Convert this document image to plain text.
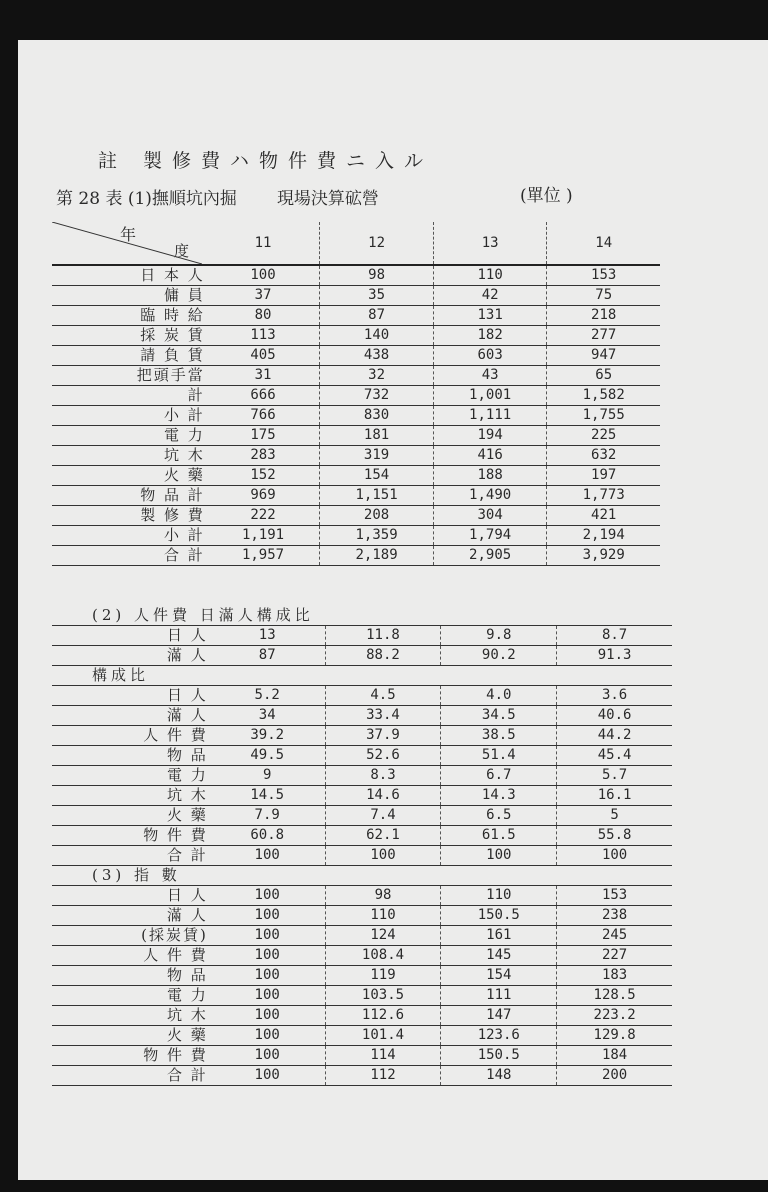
註 製修費ハ物件費ニ入ル
第 28 表 (1)撫順坑內掘 現場決算砿營	(單位 )
年
度	11	12	13	14
日 本 人	100	98	110	153
傭 員	37	35	42	75
臨 時 給	80	87	131	218
採 炭 賃	113	140	182	277
請 負 賃	405	438	603	947
把頭手當	31	32	43	65
計	666	732	1,001	1,582
小 計	766	830	1,111	1,755
電 力	175	181	194	225
坑 木	283	319	416	632
火 藥	152	154	188	197
物 品 計	969	1,151	1,490	1,773
製 修 費	222	208	304	421
小 計	1,191	1,359	1,794	2,194
合 計	1,957	2,189	2,905	3,929
(2) 人件費 日滿人構成比				
日 人	13	11.8	9.8	8.7
滿 人	87	88.2	90.2	91.3
構成比				
日 人	5.2	4.5	4.0	3.6
滿 人	34	33.4	34.5	40.6
人 件 費	39.2	37.9	38.5	44.2
物 品	49.5	52.6	51.4	45.4
電 力	9	8.3	6.7	5.7
坑 木	14.5	14.6	14.3	16.1
火 藥	7.9	7.4	6.5	5
物 件 費	60.8	62.1	61.5	55.8
合 計	100	100	100	100
(3) 指 數				
日 人	100	98	110	153
滿 人	100	110	150.5	238
(採炭賃)	100	124	161	245
人 件 費	100	108.4	145	227
物 品	100	119	154	183
電 力	100	103.5	111	128.5
坑 木	100	112.6	147	223.2
火 藥	100	101.4	123.6	129.8
物 件 費	100	114	150.5	184
合 計	100	112	148	200
